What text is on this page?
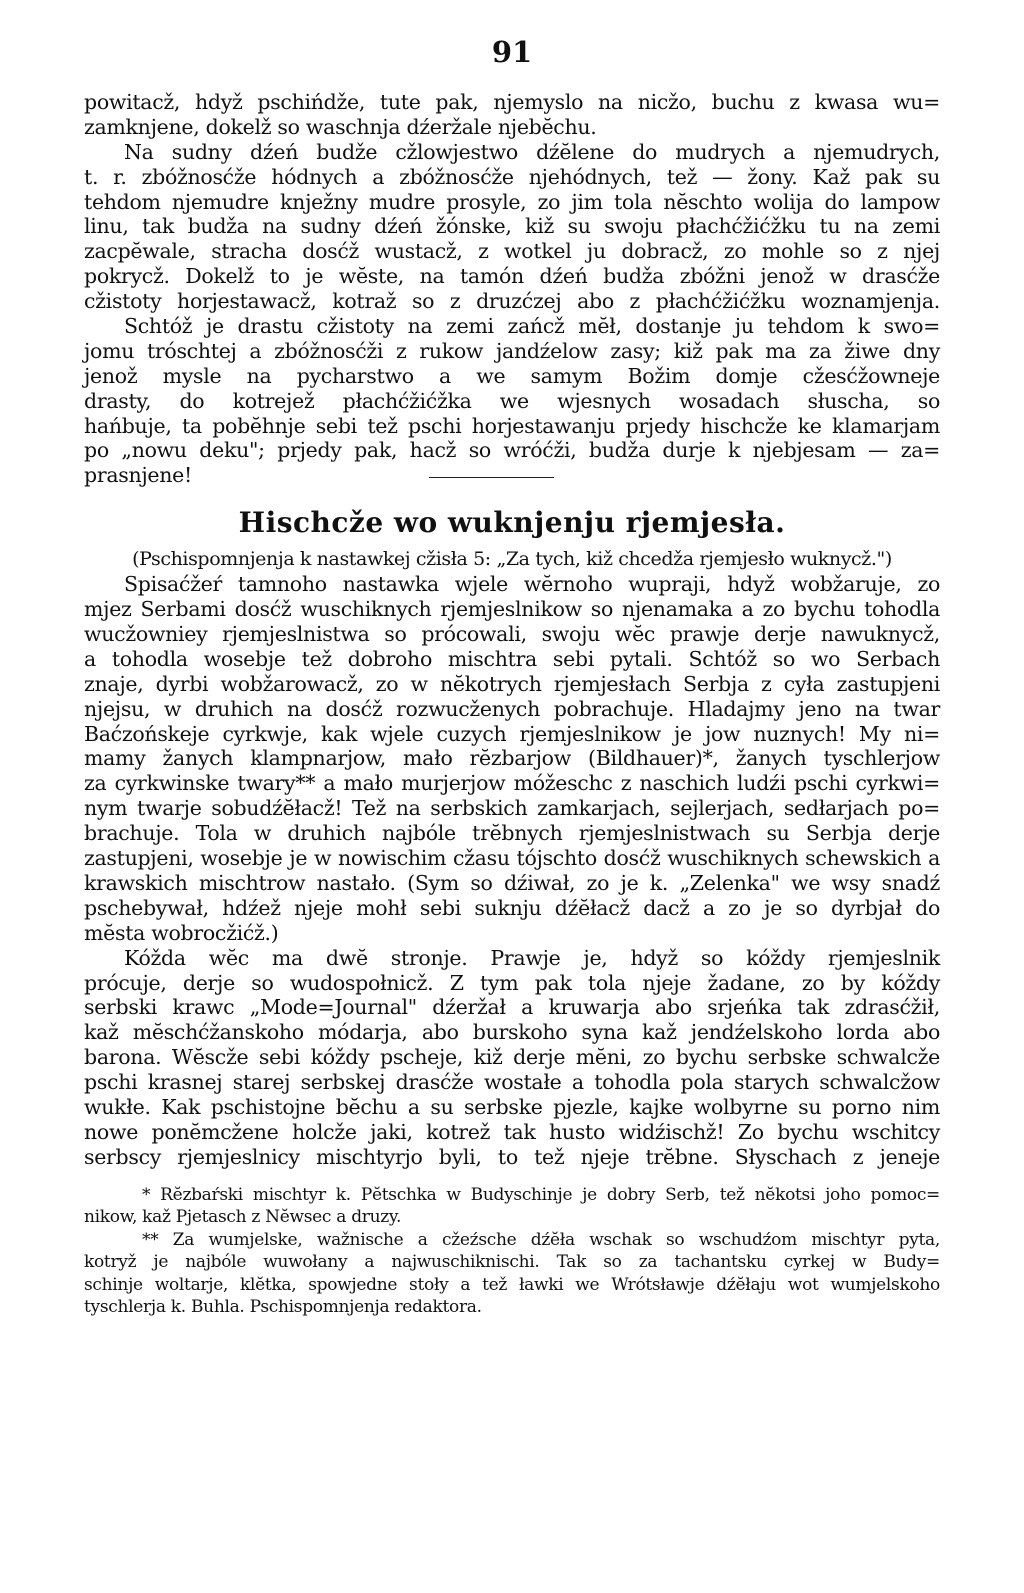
91
powitacž, hdyž pschińdže, tute pak, njemyslo na nicžo, buchu z kwasa wu=
zamknjene, dokelž so waschnja dźeržale njebĕchu.
Na sudny dźeń budže cžlowjestwo dźĕlene do mudrych a njemudrych,
t. r. zbóžnosćže hódnych a zbóžnosćže njehódnych, tež — žony. Kaž pak su
tehdom njemudre knježny mudre prosyle, zo jim tola nĕschto wolija do lampow
linu, tak budža na sudny dźeń žónske, kiž su swoju płachćžićžku tu na zemi
zacpĕwale, stracha dosćž wustacž, z wotkel ju dobracž, zo mohle so z njej
pokrycž. Dokelž to je wĕste, na tamón dźeń budža zbóžni jenož w drasćže
cžistoty horjestawacž, kotraž so z druzćzej abo z płachćžićžku woznamjenja.
Schtóž je drastu cžistoty na zemi zańcž mĕł, dostanje ju tehdom k swo=
jomu tróschtej a zbóžnosćži z rukow jandźelow zasy; kiž pak ma za žiwe dny
jenož mysle na pycharstwo a we samym Božim domje cžesćžowneje
drasty, do kotrejež płachćžićžka we wjesnych wosadach słuscha, so
hańbuje, ta pobĕhnje sebi tež pschi horjestawanju prjedy hischcže ke klamarjam
po „nowu deku"; prjedy pak, hacž so wróćži, budža durje k njebjesam — za=
prasnjene!
Hischcže wo wuknjenju rjemjesła.
(Pschispomnjenja k nastawkej cžisła 5: „Za tych, kiž chcedža rjemjesło wuknycž.")
Spisaćžeŕ tamnoho nastawka wjele wĕrnoho wupraji, hdyž wobžaruje, zo
mjez Serbami dosćž wuschiknych rjemjeslnikow so njenamaka a zo bychu tohodla
wucžowniey rjemjeslnistwa so prócowali, swoju wĕc prawje derje nawuknycž,
a tohodla wosebje tež dobroho mischtra sebi pytali. Schtóž so wo Serbach
znaje, dyrbi wobžarowacž, zo w nĕkotrych rjemjesłach Serbja z cyła zastupjeni
njejsu, w druhich na dosćž rozwucženych pobrachuje. Hladajmy jeno na twar
Baćzońskeje cyrkwje, kak wjele cuzych rjemjeslnikow je jow nuznych! My ni=
mamy žanych klampnarjow, mało rĕzbarjow (Bildhauer)*, žanych tyschlerjow
za cyrkwinske twary** a mało murjerjow móžeschc z naschich ludźi pschi cyrkwi=
nym twarje sobudźĕłacž! Tež na serbskich zamkarjach, sejlerjach, sedłarjach po=
brachuje. Tola w druhich najbóle trĕbnych rjemjeslnistwach su Serbja derje
zastupjeni, wosebje je w nowischim cžasu tójschto dosćž wuschiknych schewskich a
krawskich mischtrow nastało. (Sym so dźiwał, zo je k. „Zelenka" we wsy snadź
pschebywał, hdźež njeje mohł sebi suknju dźĕłacž dacž a zo je so dyrbjał do
mĕsta wobrocžićž.)
Kóžda wĕc ma dwĕ stronje. Prawje je, hdyž so kóždy rjemjeslnik
prócuje, derje so wudospołnicž. Z tym pak tola njeje žadane, zo by kóždy
serbski krawc „Mode=Journal" dźeržał a kruwarja abo srjeńka tak zdrasćžił,
kaž mĕschćžanskoho módarja, abo burskoho syna kaž jendźelskoho lorda abo
barona. Wĕscže sebi kóždy pscheje, kiž derje mĕni, zo bychu serbske schwalcže
pschi krasnej starej serbskej drasćže wostałe a tohodla pola starych schwalcžow
wukłe. Kak pschistojne bĕchu a su serbske pjezle, kajke wolbyrne su porno nim
nowe ponĕmcžene holcže jaki, kotrež tak husto widźischž! Zo bychu wschitcy
serbscy rjemjeslnicy mischtyrjo byli, to tež njeje trĕbne. Słyschach z jeneje
* Rĕzbaŕski mischtyr k. Pĕtschka w Budyschinje je dobry Serb, tež nĕkotsi joho pomoc=
nikow, kaž Pjetasch z Nĕwsec a druzy.
** Za wumjelske, wažnische a cžeźsche dźĕła wschak so wschudźom mischtyr pyta,
kotryž je najbóle wuwołany a najwuschiknischi. Tak so za tachantsku cyrkej w Budy=
schinje woltarje, klĕtka, spowjedne stoły a tež ławki we Wrótsławje dźĕłaju wot wumjelskoho
tyschlerja k. Buhla. Pschispomnjenja redaktora.
